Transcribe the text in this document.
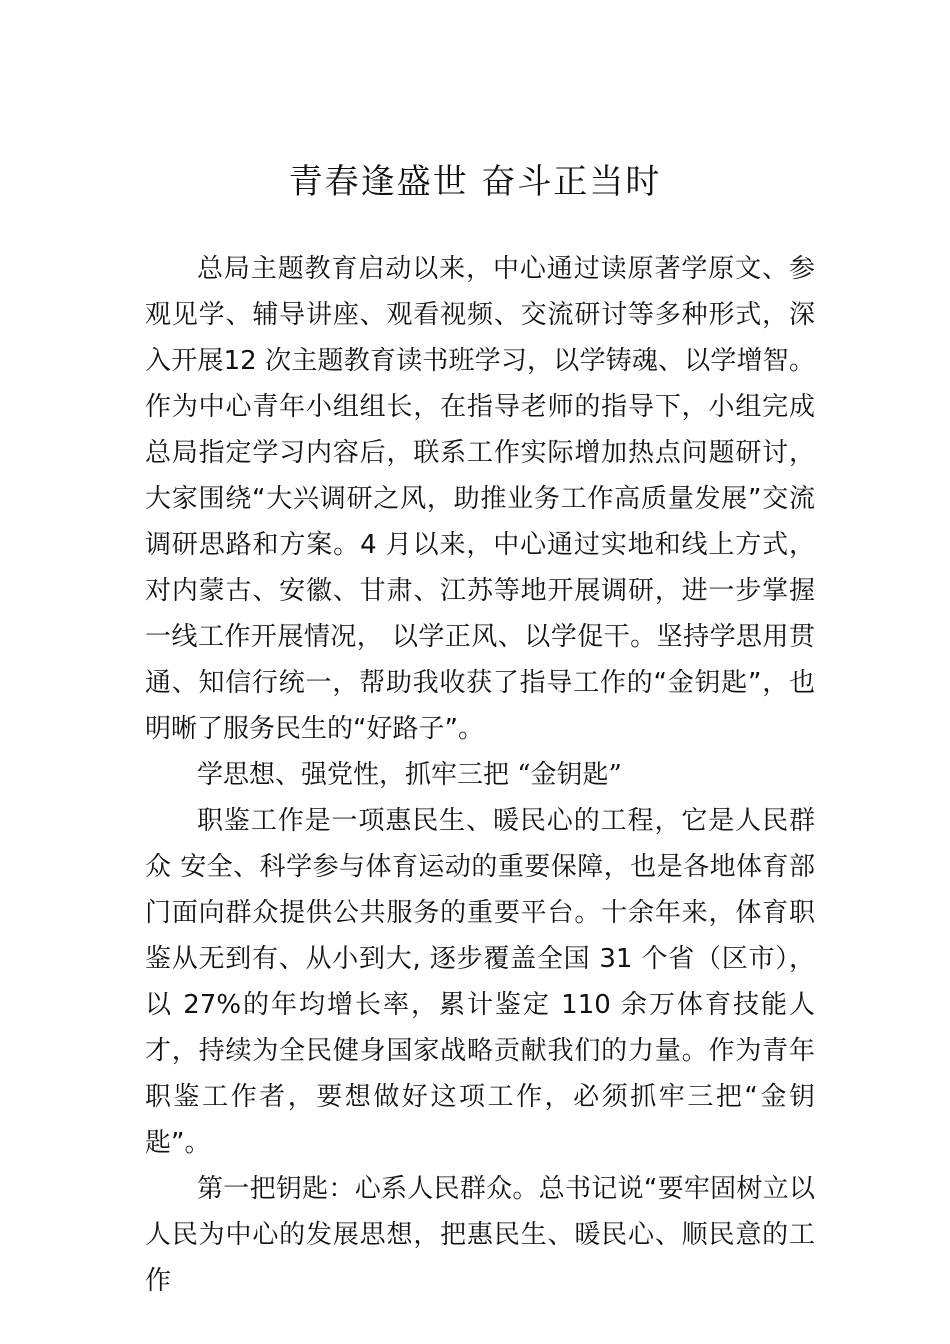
青春逢盛世 奋斗正当时

总局主题教育启动以来，中心通过读原著学原文、参观见学、辅导讲座、观看视频、交流研讨等多种形式，深入开展12 次主题教育读书班学习，以学铸魂、以学增智。作为中心青年小组组长，在指导老师的指导下，小组完成总局指定学习内容后，联系工作实际增加热点问题研讨，大家围绕“大兴调研之风，助推业务工作高质量发展”交流调研思路和方案。4 月以来，中心通过实地和线上方式，对内蒙古、安徽、甘肃、江苏等地开展调研，进一步掌握一线工作开展情况， 以学正风、以学促干。坚持学思用贯通、知信行统一，帮助我收获了指导工作的“金钥匙”，也明晰了服务民生的“好路子”。

学思想、强党性，抓牢三把 “金钥匙”

职鉴工作是一项惠民生、暖民心的工程，它是人民群众 安全、科学参与体育运动的重要保障，也是各地体育部门面向群众提供公共服务的重要平台。十余年来，体育职鉴从无到有、从小到大, 逐步覆盖全国 31 个省（区市），以 27%的年均增长率，累计鉴定 110 余万体育技能人才，持续为全民健身国家战略贡献我们的力量。作为青年职鉴工作者，要想做好这项工作，必须抓牢三把“金钥匙”。

第一把钥匙：心系人民群众。总书记说“要牢固树立以人民为中心的发展思想，把惠民生、暖民心、顺民意的工作
